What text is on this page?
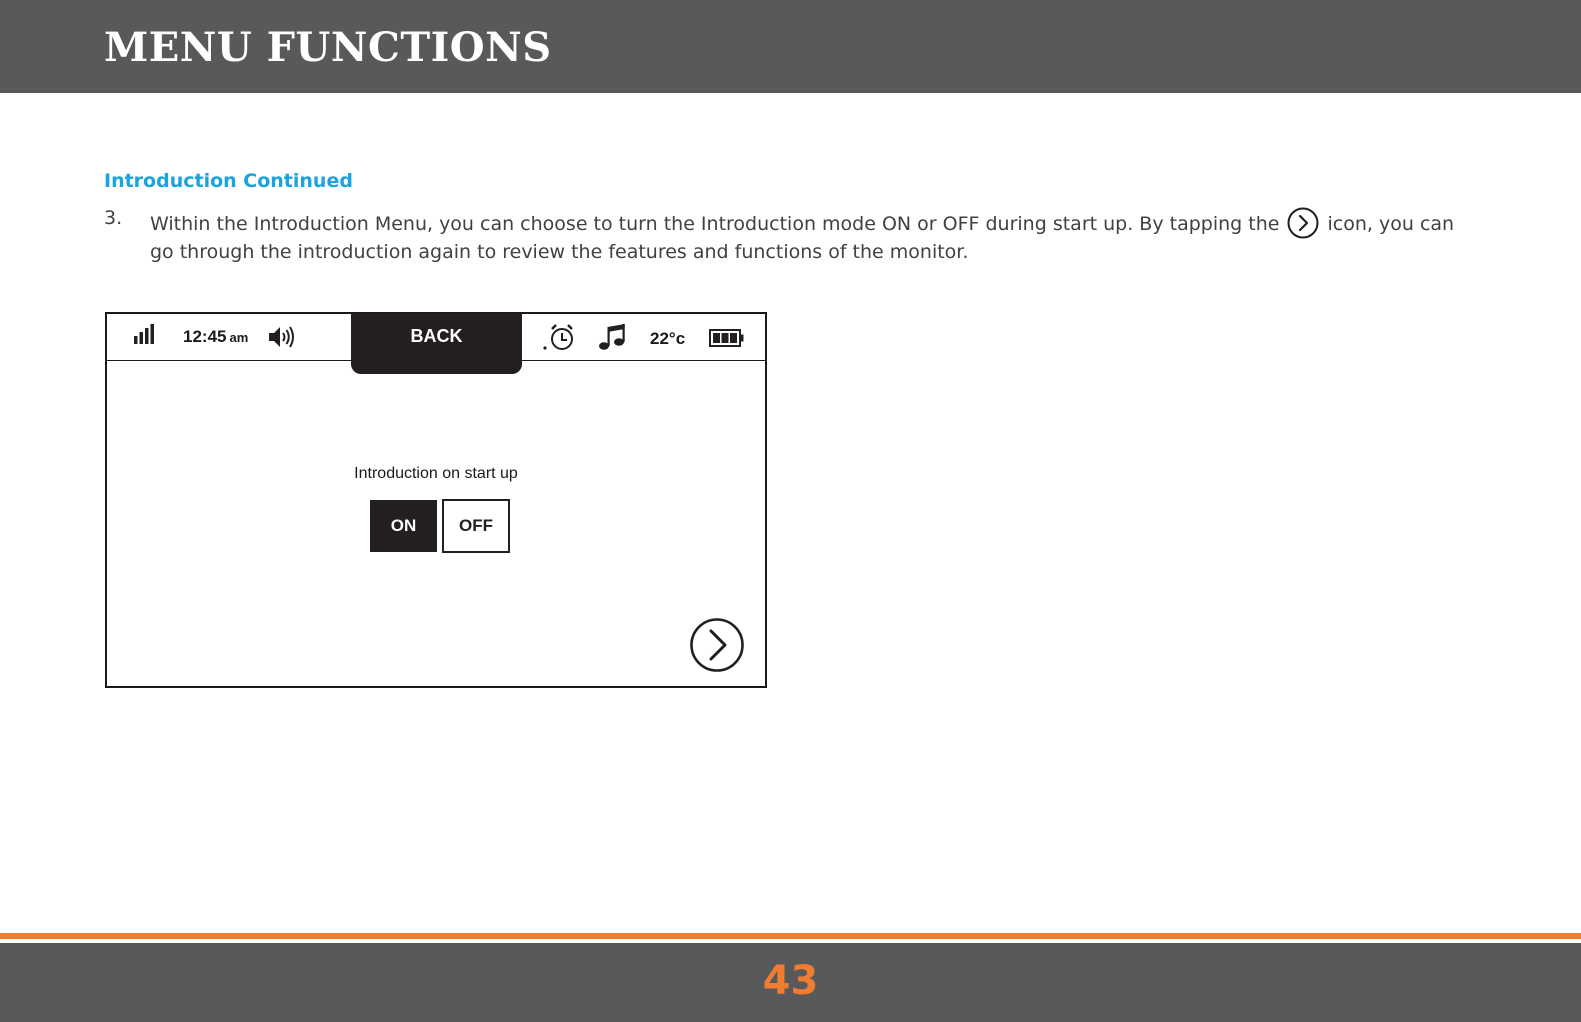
MENU FUNCTIONS
Introduction Continued
3. Within the Introduction Menu, you can choose to turn the Introduction mode ON or OFF during start up. By tapping the	icon, you can go through the introduction again to review the features and functions of the monitor.
12:45 am	BACK	22°c
Introduction on start up
ON	OFF
43
